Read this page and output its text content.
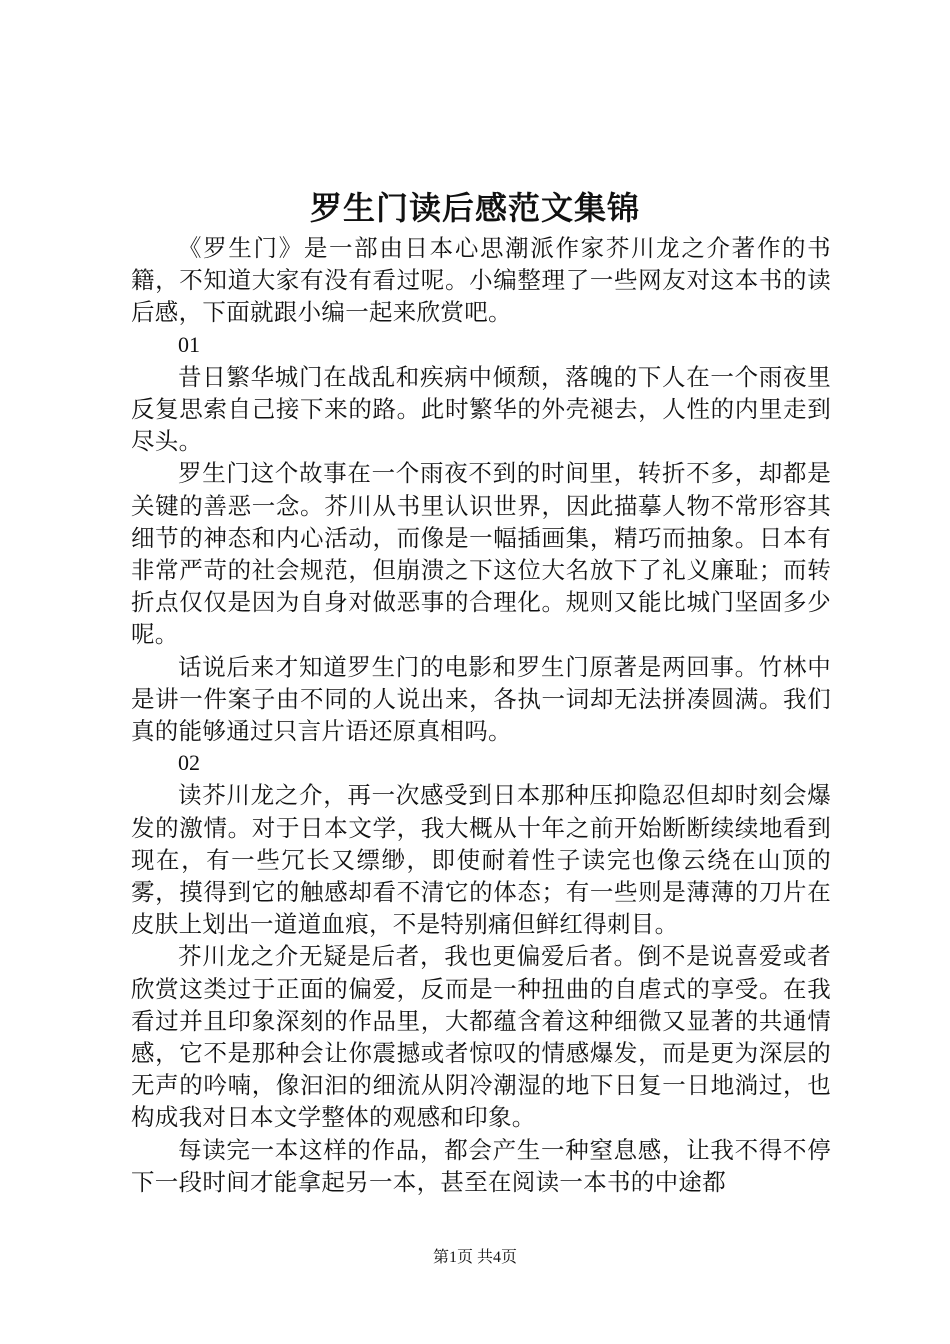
罗生门读后感范文集锦

《罗生门》是一部由日本心思潮派作家芥川龙之介著作的书籍，不知道大家有没有看过呢。小编整理了一些网友对这本书的读后感，下面就跟小编一起来欣赏吧。

01

昔日繁华城门在战乱和疾病中倾颓，落魄的下人在一个雨夜里反复思索自己接下来的路。此时繁华的外壳褪去，人性的内里走到尽头。

罗生门这个故事在一个雨夜不到的时间里，转折不多，却都是关键的善恶一念。芥川从书里认识世界，因此描摹人物不常形容其细节的神态和内心活动，而像是一幅插画集，精巧而抽象。日本有非常严苛的社会规范，但崩溃之下这位大名放下了礼义廉耻；而转折点仅仅是因为自身对做恶事的合理化。规则又能比城门坚固多少呢。

话说后来才知道罗生门的电影和罗生门原著是两回事。竹林中是讲一件案子由不同的人说出来，各执一词却无法拼凑圆满。我们真的能够通过只言片语还原真相吗。

02

读芥川龙之介，再一次感受到日本那种压抑隐忍但却时刻会爆发的激情。对于日本文学，我大概从十年之前开始断断续续地看到现在，有一些冗长又缥缈，即使耐着性子读完也像云绕在山顶的雾，摸得到它的触感却看不清它的体态；有一些则是薄薄的刀片在皮肤上划出一道道血痕，不是特别痛但鲜红得刺目。

芥川龙之介无疑是后者，我也更偏爱后者。倒不是说喜爱或者欣赏这类过于正面的偏爱，反而是一种扭曲的自虐式的享受。在我看过并且印象深刻的作品里，大都蕴含着这种细微又显著的共通情感，它不是那种会让你震撼或者惊叹的情感爆发，而是更为深层的无声的吟喃，像汩汩的细流从阴冷潮湿的地下日复一日地淌过，也构成我对日本文学整体的观感和印象。

每读完一本这样的作品，都会产生一种窒息感，让我不得不停下一段时间才能拿起另一本，甚至在阅读一本书的中途都

第1页 共4页
